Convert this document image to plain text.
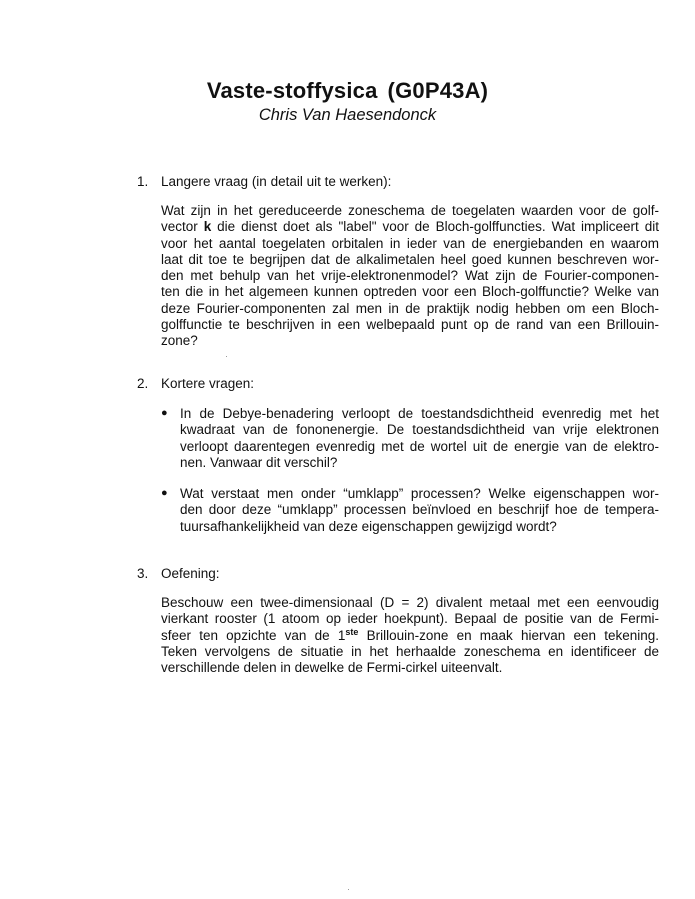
Vaste-stoffysica (G0P43A)
Chris Van Haesendonck
1. Langere vraag (in detail uit te werken):
Wat zijn in het gereduceerde zoneschema de toegelaten waarden voor de golf-
vector k die dienst doet als "label" voor de Bloch-golffuncties. Wat impliceert dit
voor het aantal toegelaten orbitalen in ieder van de energiebanden en waarom
laat dit toe te begrijpen dat de alkalimetalen heel goed kunnen beschreven wor-
den met behulp van het vrije-elektronenmodel? Wat zijn de Fourier-componen-
ten die in het algemeen kunnen optreden voor een Bloch-golffunctie? Welke van
deze Fourier-componenten zal men in de praktijk nodig hebben om een Bloch-
golffunctie te beschrijven in een welbepaald punt op de rand van een Brillouin-
zone?
2. Kortere vragen:
● In de Debye-benadering verloopt de toestandsdichtheid evenredig met het
kwadraat van de fononenergie. De toestandsdichtheid van vrije elektronen
verloopt daarentegen evenredig met de wortel uit de energie van de elektro-
nen. Vanwaar dit verschil?
● Wat verstaat men onder “umklapp” processen? Welke eigenschappen wor-
den door deze “umklapp” processen beïnvloed en beschrijf hoe de tempera-
tuursafhankelijkheid van deze eigenschappen gewijzigd wordt?
3. Oefening:
Beschouw een twee-dimensionaal (D = 2) divalent metaal met een eenvoudig
vierkant rooster (1 atoom op ieder hoekpunt). Bepaal de positie van de Fermi-
sfeer ten opzichte van de 1ste Brillouin-zone en maak hiervan een tekening.
Teken vervolgens de situatie in het herhaalde zoneschema en identificeer de
verschillende delen in dewelke de Fermi-cirkel uiteenvalt.
